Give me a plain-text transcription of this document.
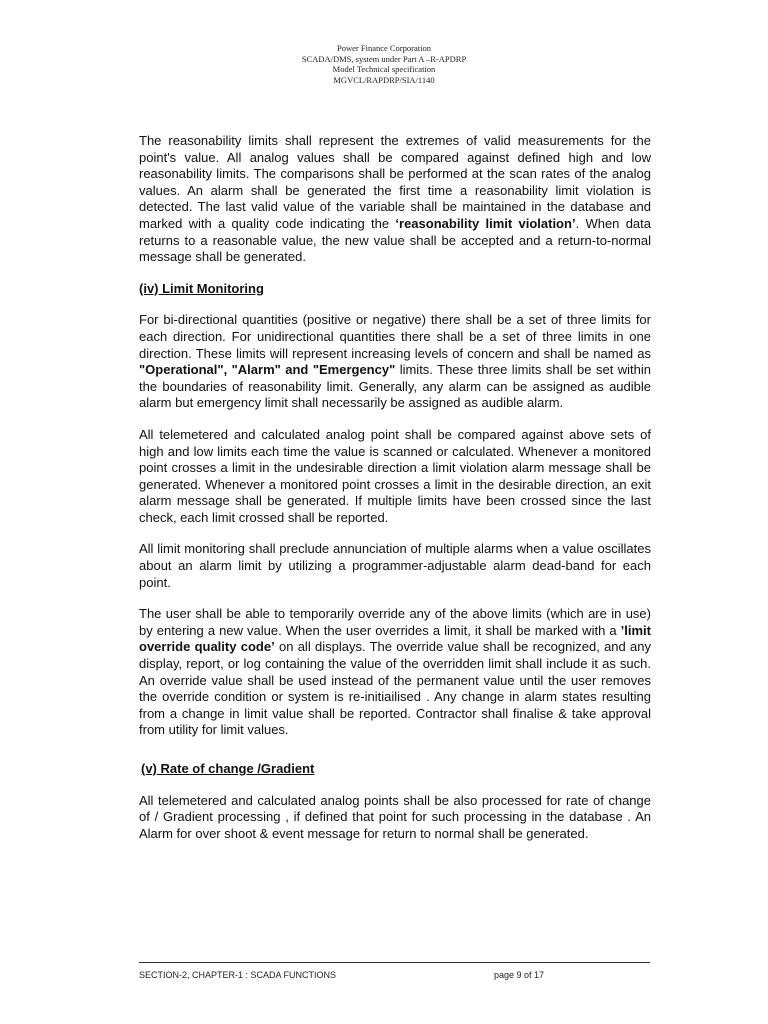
Power Finance Corporation
SCADA/DMS, system under Part A –R-APDRP
Model Technical specification
MGVCL/RAPDRP/SIA/1140

The reasonability limits shall represent the extremes of valid measurements for the point's value. All analog values shall be compared against defined high and low reasonability limits. The comparisons shall be performed at the scan rates of the analog values. An alarm shall be generated the first time a reasonability limit violation is detected. The last valid value of the variable shall be maintained in the database and marked with a quality code indicating the ‘reasonability limit violation’. When data returns to a reasonable value, the new value shall be accepted and a return-to-normal message shall be generated.

(iv) Limit Monitoring

For bi-directional quantities (positive or negative) there shall be a set of three limits for each direction. For unidirectional quantities there shall be a set of three limits in one direction. These limits will represent increasing levels of concern and shall be named as "Operational", "Alarm" and "Emergency" limits. These three limits shall be set within the boundaries of reasonability limit. Generally, any alarm can be assigned as audible alarm but emergency limit shall necessarily be assigned as audible alarm.

All telemetered and calculated analog point shall be compared against above sets of high and low limits each time the value is scanned or calculated. Whenever a monitored point crosses a limit in the undesirable direction a limit violation alarm message shall be generated. Whenever a monitored point crosses a limit in the desirable direction, an exit alarm message shall be generated. If multiple limits have been crossed since the last check, each limit crossed shall be reported.

All limit monitoring shall preclude annunciation of multiple alarms when a value oscillates about an alarm limit by utilizing a programmer-adjustable alarm dead-band for each point.

The user shall be able to temporarily override any of the above limits (which are in use) by entering a new value. When the user overrides a limit, it shall be marked with a ’limit override quality code’ on all displays. The override value shall be recognized, and any display, report, or log containing the value of the overridden limit shall include it as such. An override value shall be used instead of the permanent value until the user removes the override condition or system is re-initiailised . Any change in alarm states resulting from a change in limit value shall be reported. Contractor shall finalise & take approval from utility for limit values.

(v) Rate of change /Gradient

All telemetered and calculated analog points shall be also processed for rate of change of / Gradient processing , if defined that point for such processing in the database . An Alarm for over shoot & event message for return to normal shall be generated.

SECTION-2, CHAPTER-1 : SCADA FUNCTIONS	page 9 of 17
